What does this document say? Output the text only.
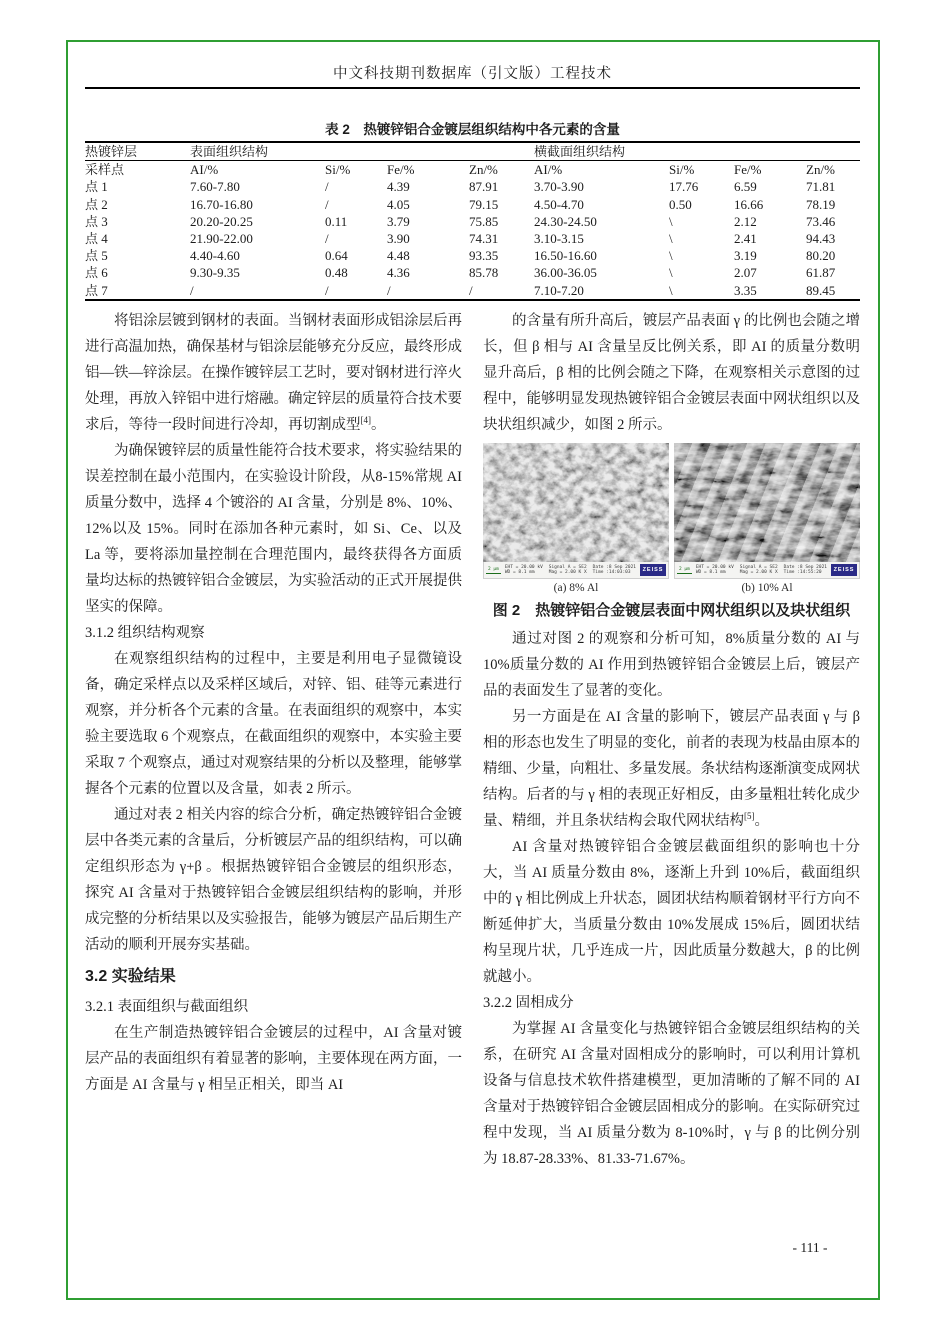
中文科技期刊数据库（引文版）工程技术
表 2　热镀锌铝合金镀层组织结构中各元素的含量
热镀锌层	表面组织结构				横截面组织结构			
采样点	AI/%	Si/%	Fe/%	Zn/%	AI/%	Si/%	Fe/%	Zn/%
点 1	7.60-7.80	/	4.39	87.91	3.70-3.90	17.76	6.59	71.81
点 2	16.70-16.80	/	4.05	79.15	4.50-4.70	0.50	16.66	78.19
点 3	20.20-20.25	0.11	3.79	75.85	24.30-24.50	\	2.12	73.46
点 4	21.90-22.00	/	3.90	74.31	3.10-3.15	\	2.41	94.43
点 5	4.40-4.60	0.64	4.48	93.35	16.50-16.60	\	3.19	80.20
点 6	9.30-9.35	0.48	4.36	85.78	36.00-36.05	\	2.07	61.87
点 7	/	/	/	/	7.10-7.20	\	3.35	89.45
将铝涂层镀到钢材的表面。当钢材表面形成铝涂层后再进行高温加热，确保基材与铝涂层能够充分反应，最终形成铝—铁—锌涂层。在操作镀锌层工艺时，要对钢材进行淬火处理，再放入锌铝中进行熔融。确定锌层的质量符合技术要求后，等待一段时间进行冷却，再切割成型[4]。
为确保镀锌层的质量性能符合技术要求，将实验结果的误差控制在最小范围内，在实验设计阶段，从8-15%常规 AI 质量分数中，选择 4 个镀浴的 AI 含量，分别是 8%、10%、12%以及 15%。同时在添加各种元素时，如 Si、Ce、以及 La 等，要将添加量控制在合理范围内，最终获得各方面质量均达标的热镀锌铝合金镀层，为实验活动的正式开展提供坚实的保障。
3.1.2 组织结构观察
在观察组织结构的过程中，主要是利用电子显微镜设备，确定采样点以及采样区域后，对锌、铝、硅等元素进行观察，并分析各个元素的含量。在表面组织的观察中，本实验主要选取 6 个观察点，在截面组织的观察中，本实验主要采取 7 个观察点，通过对观察结果的分析以及整理，能够掌握各个元素的位置以及含量，如表 2 所示。
通过对表 2 相关内容的综合分析，确定热镀锌铝合金镀层中各类元素的含量后，分析镀层产品的组织结构，可以确定组织形态为 γ+β 。根据热镀锌铝合金镀层的组织形态，探究 AI 含量对于热镀锌铝合金镀层组织结构的影响，并形成完整的分析结果以及实验报告，能够为镀层产品后期生产活动的顺利开展夯实基础。
3.2 实验结果
3.2.1 表面组织与截面组织
在生产制造热镀锌铝合金镀层的过程中，AI 含量对镀层产品的表面组织有着显著的影响，主要体现在两方面，一方面是 AI 含量与 γ 相呈正相关，即当 AI
的含量有所升高后，镀层产品表面 γ 的比例也会随之增长，但 β 相与 AI 含量呈反比例关系，即 AI 的质量分数明显升高后，β 相的比例会随之下降，在观察相关示意图的过程中，能够明显发现热镀锌铝合金镀层表面中网状组织以及块状组织减少，如图 2 所示。
2 μm	EHT = 20.00 kV
WD = 8.1 mm
Signal A = SE2
Mag = 2.00 K X
Date :8 Sep 2021
Time :14:03:03	ZEISS
(a) 8% Al
2 μm	EHT = 20.00 kV
WD = 8.1 mm
Signal A = SE2
Mag = 2.00 K X
Date :8 Sep 2021
Time :14:55:20	ZEISS
(b) 10% Al
图 2　热镀锌铝合金镀层表面中网状组织以及块状组织
通过对图 2 的观察和分析可知，8%质量分数的 AI 与 10%质量分数的 AI 作用到热镀锌铝合金镀层上后，镀层产品的表面发生了显著的变化。
另一方面是在 AI 含量的影响下，镀层产品表面 γ 与 β 相的形态也发生了明显的变化，前者的表现为枝晶由原本的精细、少量，向粗壮、多量发展。条状结构逐渐演变成网状结构。后者的与 γ 相的表现正好相反，由多量粗壮转化成少量、精细，并且条状结构会取代网状结构[5]。
AI 含量对热镀锌铝合金镀层截面组织的影响也十分大，当 AI 质量分数由 8%，逐渐上升到 10%后，截面组织中的 γ 相比例成上升状态，圆团状结构顺着钢材平行方向不断延伸扩大，当质量分数由 10%发展成 15%后，圆团状结构呈现片状，几乎连成一片，因此质量分数越大，β 的比例就越小。
3.2.2 固相成分
为掌握 AI 含量变化与热镀锌铝合金镀层组织结构的关系，在研究 AI 含量对固相成分的影响时，可以利用计算机设备与信息技术软件搭建模型，更加清晰的了解不同的 AI 含量对于热镀锌铝合金镀层固相成分的影响。在实际研究过程中发现，当 AI 质量分数为 8-10%时，γ 与 β 的比例分别为 18.87-28.33%、81.33-71.67%。
- 111 -
